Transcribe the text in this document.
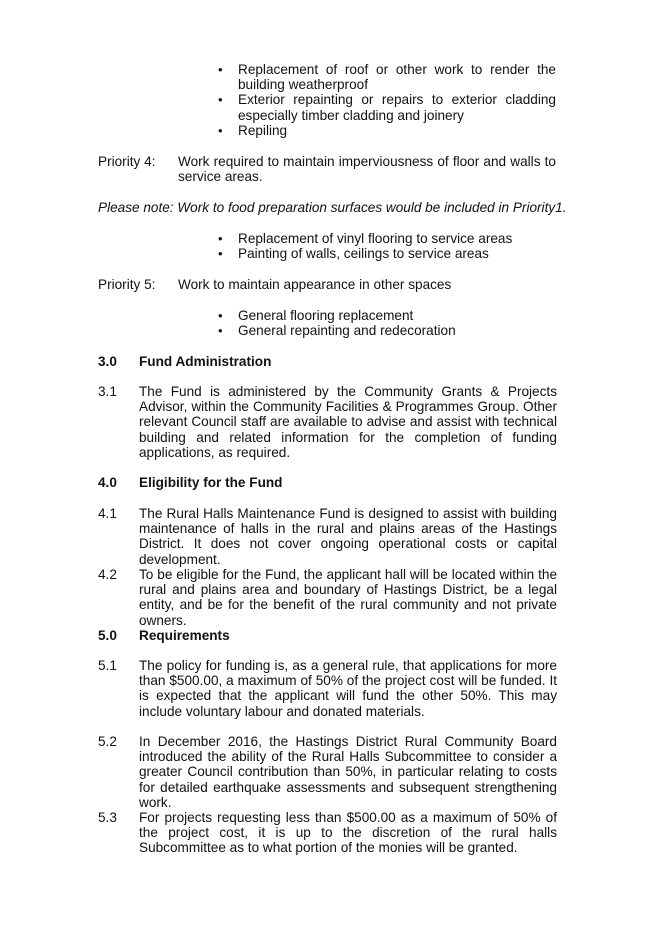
• Replacement of roof or other work to render the building weatherproof
• Exterior repainting or repairs to exterior cladding especially timber cladding and joinery
• Repiling
Priority 4: Work required to maintain imperviousness of floor and walls to service areas.
Please note: Work to food preparation surfaces would be included in Priority1.
• Replacement of vinyl flooring to service areas
• Painting of walls, ceilings to service areas
Priority 5: Work to maintain appearance in other spaces
• General flooring replacement
• General repainting and redecoration
3.0 Fund Administration
3.1 The Fund is administered by the Community Grants & Projects Advisor, within the Community Facilities & Programmes Group. Other relevant Council staff are available to advise and assist with technical building and related information for the completion of funding applications, as required.
4.0 Eligibility for the Fund
4.1 The Rural Halls Maintenance Fund is designed to assist with building maintenance of halls in the rural and plains areas of the Hastings District. It does not cover ongoing operational costs or capital development.
4.2 To be eligible for the Fund, the applicant hall will be located within the rural and plains area and boundary of Hastings District, be a legal entity, and be for the benefit of the rural community and not private owners.
5.0 Requirements
5.1 The policy for funding is, as a general rule, that applications for more than $500.00, a maximum of 50% of the project cost will be funded. It is expected that the applicant will fund the other 50%. This may include voluntary labour and donated materials.
5.2 In December 2016, the Hastings District Rural Community Board introduced the ability of the Rural Halls Subcommittee to consider a greater Council contribution than 50%, in particular relating to costs for detailed earthquake assessments and subsequent strengthening work.
5.3 For projects requesting less than $500.00 as a maximum of 50% of the project cost, it is up to the discretion of the rural halls Subcommittee as to what portion of the monies will be granted.
